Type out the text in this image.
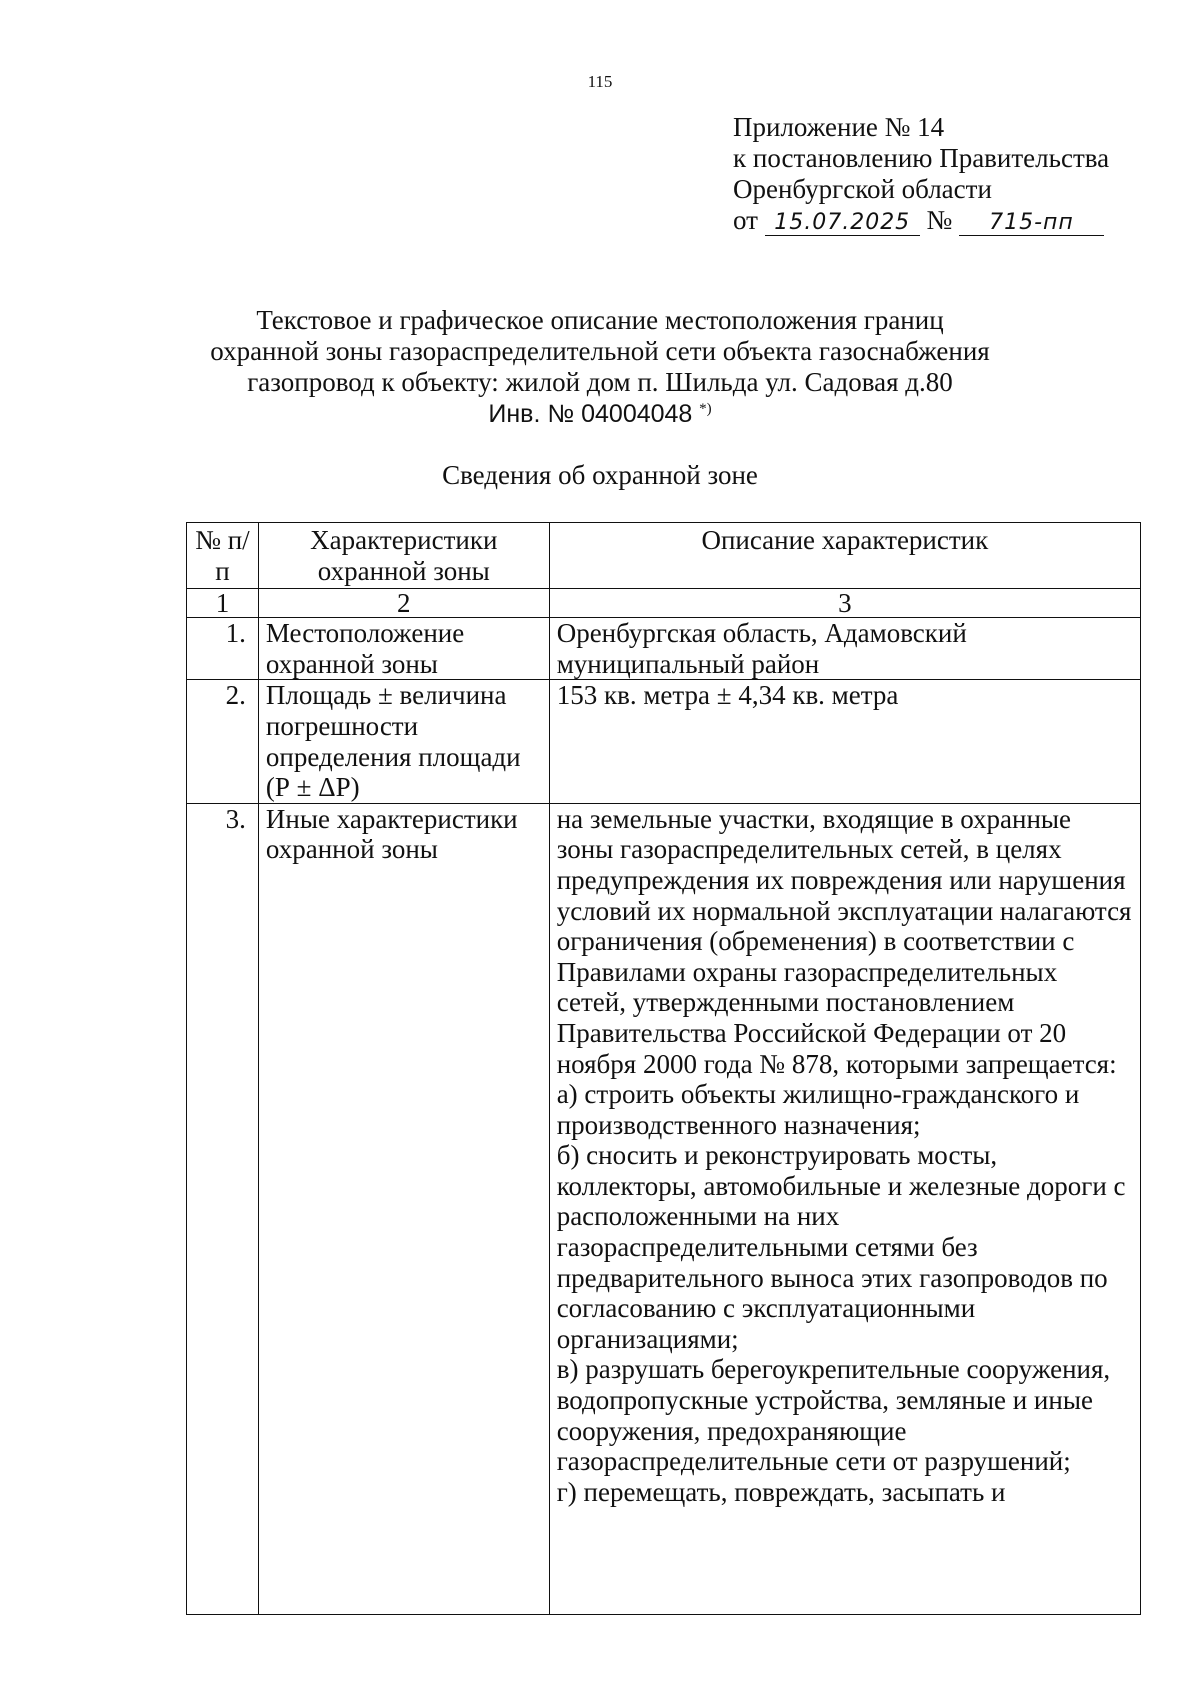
115
Приложение № 14
к постановлению Правительства
Оренбургской области
от 15.07.2025 № 715-пп
Текстовое и графическое описание местоположения границ
охранной зоны газораспределительной сети объекта газоснабжения
газопровод к объекту: жилой дом п. Шильда ул. Садовая д.80
Инв. № 04004048 *)
Сведения об охранной зоне
№ п/п	Характеристики охранной зоны	Описание характеристик
1	2	3
1.	Местоположение охранной зоны	Оренбургская область, Адамовский муниципальный район
2.	Площадь ± величина погрешности определения площади (Р ± ΔР)	153 кв. метра ± 4,34 кв. метра
3.	Иные характеристики охранной зоны	на земельные участки, входящие в охранные зоны газораспределительных сетей, в целях предупреждения их повреждения или нарушения условий их нормальной эксплуатации налагаются ограничения (обременения) в соответствии с Правилами охраны газораспределительных сетей, утвержденными постановлением Правительства Российской Федерации от 20 ноября 2000 года № 878, которыми запрещается:
а) строить объекты жилищно-гражданского и производственного назначения;
б) сносить и реконструировать мосты, коллекторы, автомобильные и железные дороги с расположенными на них газораспределительными сетями без предварительного выноса этих газопроводов по согласованию с эксплуатационными организациями;
в) разрушать берегоукрепительные сооружения, водопропускные устройства, земляные и иные сооружения, предохраняющие газораспределительные сети от разрушений;
г) перемещать, повреждать, засыпать и
